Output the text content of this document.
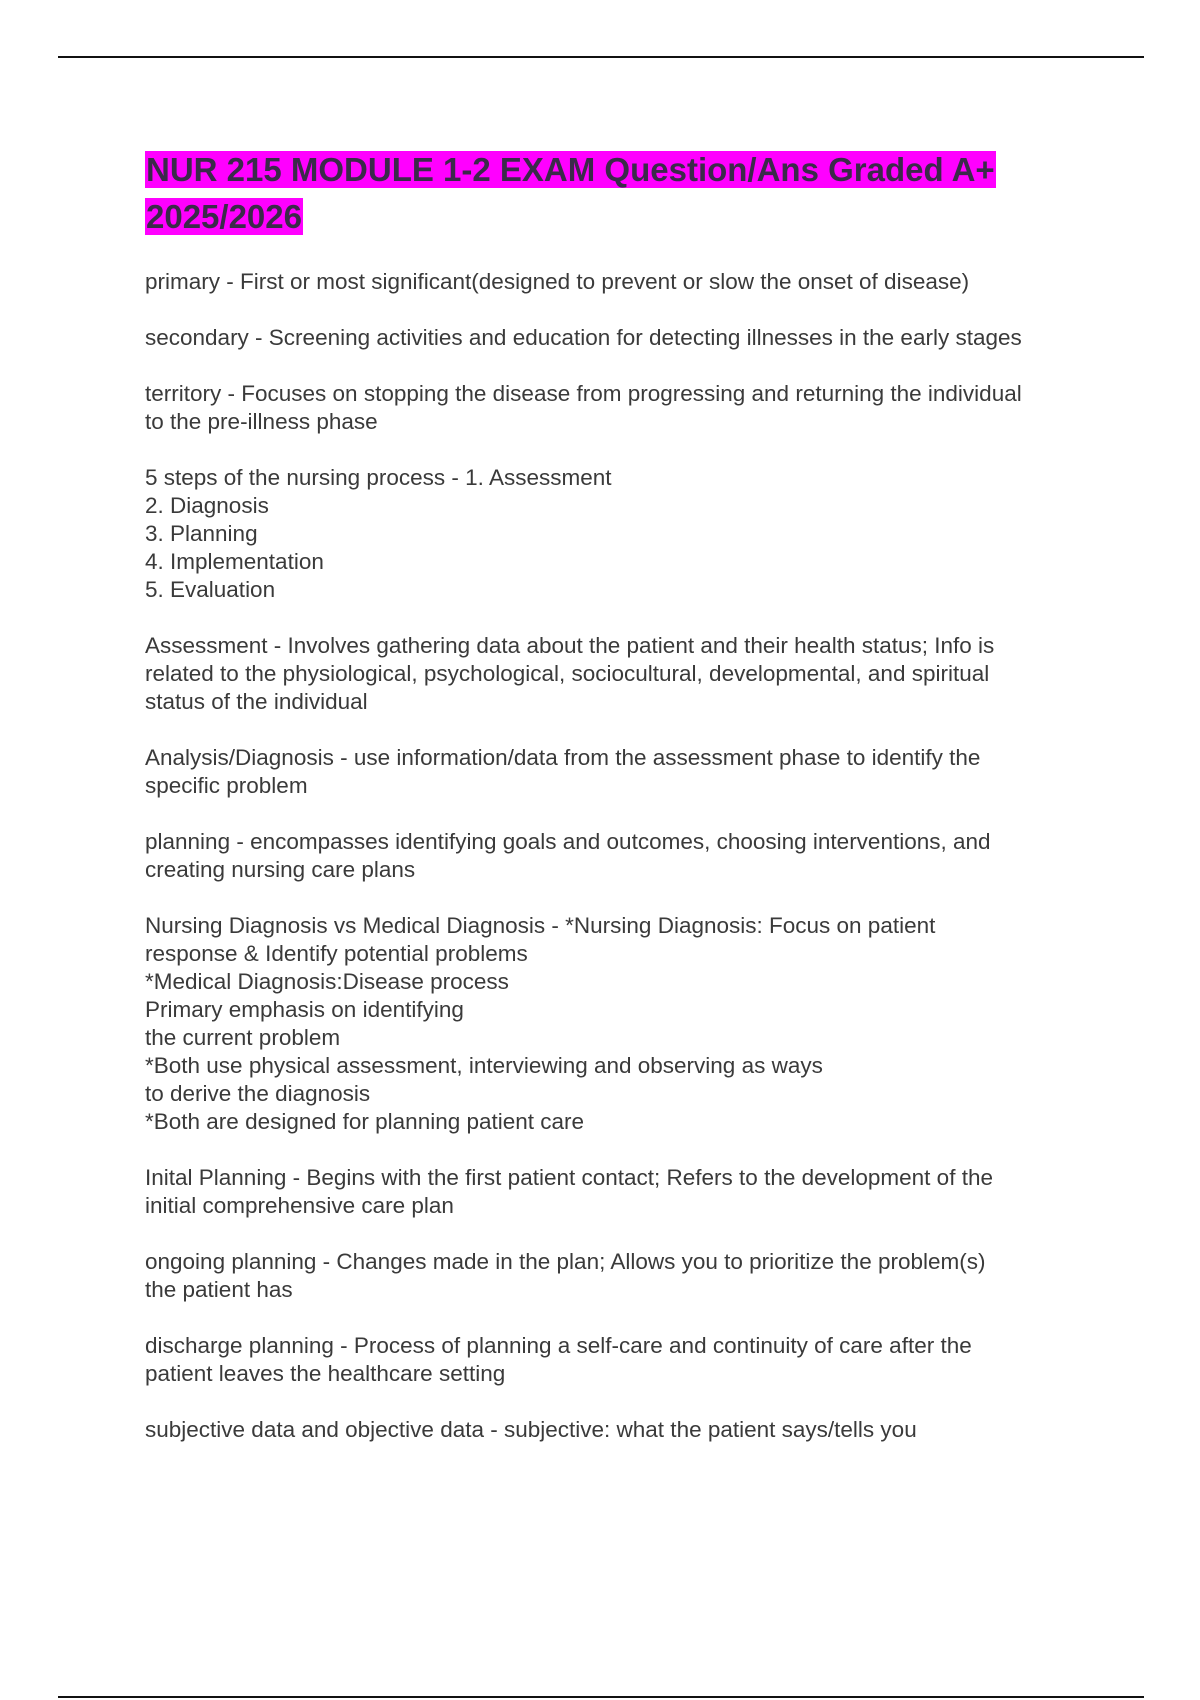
NUR 215 MODULE 1-2 EXAM Question/Ans Graded A+
2025/2026
primary - First or most significant(designed to prevent or slow the onset of disease)
secondary - Screening activities and education for detecting illnesses in the early stages
territory - Focuses on stopping the disease from progressing and returning the individual
to the pre-illness phase
5 steps of the nursing process - 1. Assessment
2. Diagnosis
3. Planning
4. Implementation
5. Evaluation
Assessment - Involves gathering data about the patient and their health status; Info is
related to the physiological, psychological, sociocultural, developmental, and spiritual
status of the individual
Analysis/Diagnosis - use information/data from the assessment phase to identify the
specific problem
planning - encompasses identifying goals and outcomes, choosing interventions, and
creating nursing care plans
Nursing Diagnosis vs Medical Diagnosis - *Nursing Diagnosis: Focus on patient
response & Identify potential problems
*Medical Diagnosis:Disease process
Primary emphasis on identifying
the current problem
*Both use physical assessment, interviewing and observing as ways
to derive the diagnosis
*Both are designed for planning patient care
Inital Planning - Begins with the first patient contact; Refers to the development of the
initial comprehensive care plan
ongoing planning - Changes made in the plan; Allows you to prioritize the problem(s)
the patient has
discharge planning - Process of planning a self-care and continuity of care after the
patient leaves the healthcare setting
subjective data and objective data - subjective: what the patient says/tells you
